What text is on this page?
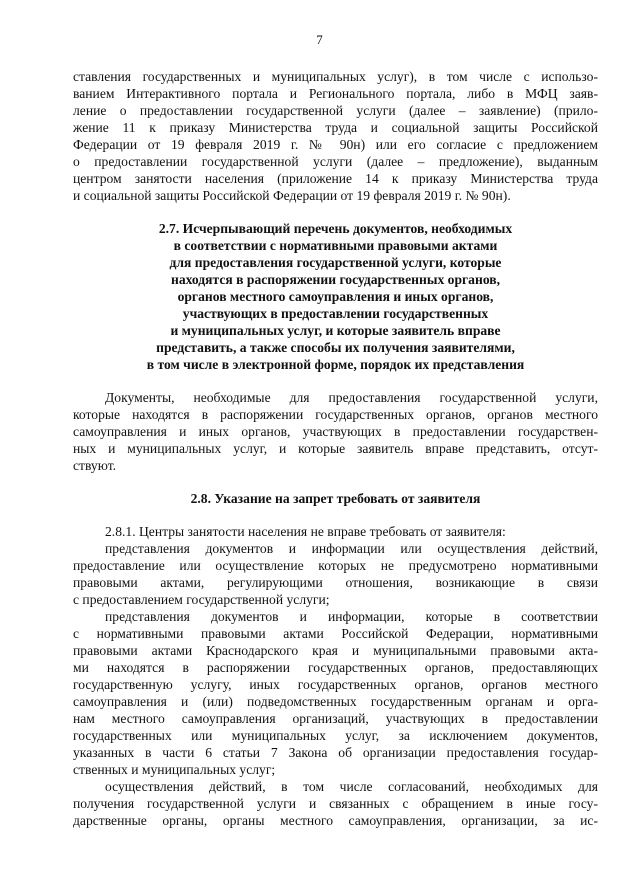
7
ставления государственных и муниципальных услуг), в том числе с использо-
ванием Интерактивного портала и Регионального портала, либо в МФЦ заяв-
ление о предоставлении государственной услуги (далее – заявление) (прило-
жение 11 к приказу Министерства труда и социальной защиты Российской
Федерации от 19 февраля 2019 г. № 90н) или его согласие с предложением
о предоставлении государственной услуги (далее – предложение), выданным
центром занятости населения (приложение 14 к приказу Министерства труда
и социальной защиты Российской Федерации от 19 февраля 2019 г. № 90н).
2.7. Исчерпывающий перечень документов, необходимых
в соответствии с нормативными правовыми актами
для предоставления государственной услуги, которые
находятся в распоряжении государственных органов,
органов местного самоуправления и иных органов,
участвующих в предоставлении государственных
и муниципальных услуг, и которые заявитель вправе
представить, а также способы их получения заявителями,
в том числе в электронной форме, порядок их представления
Документы, необходимые для предоставления государственной услуги,
которые находятся в распоряжении государственных органов, органов местного
самоуправления и иных органов, участвующих в предоставлении государствен-
ных и муниципальных услуг, и которые заявитель вправе представить, отсут-
ствуют.
2.8. Указание на запрет требовать от заявителя
2.8.1. Центры занятости населения не вправе требовать от заявителя:
представления документов и информации или осуществления действий,
предоставление или осуществление которых не предусмотрено нормативными
правовыми актами, регулирующими отношения, возникающие в связи
с предоставлением государственной услуги;
представления документов и информации, которые в соответствии
с нормативными правовыми актами Российской Федерации, нормативными
правовыми актами Краснодарского края и муниципальными правовыми акта-
ми находятся в распоряжении государственных органов, предоставляющих
государственную услугу, иных государственных органов, органов местного
самоуправления и (или) подведомственных государственным органам и орга-
нам местного самоуправления организаций, участвующих в предоставлении
государственных или муниципальных услуг, за исключением документов,
указанных в части 6 статьи 7 Закона об организации предоставления государ-
ственных и муниципальных услуг;
осуществления действий, в том числе согласований, необходимых для
получения государственной услуги и связанных с обращением в иные госу-
дарственные органы, органы местного самоуправления, организации, за ис-
